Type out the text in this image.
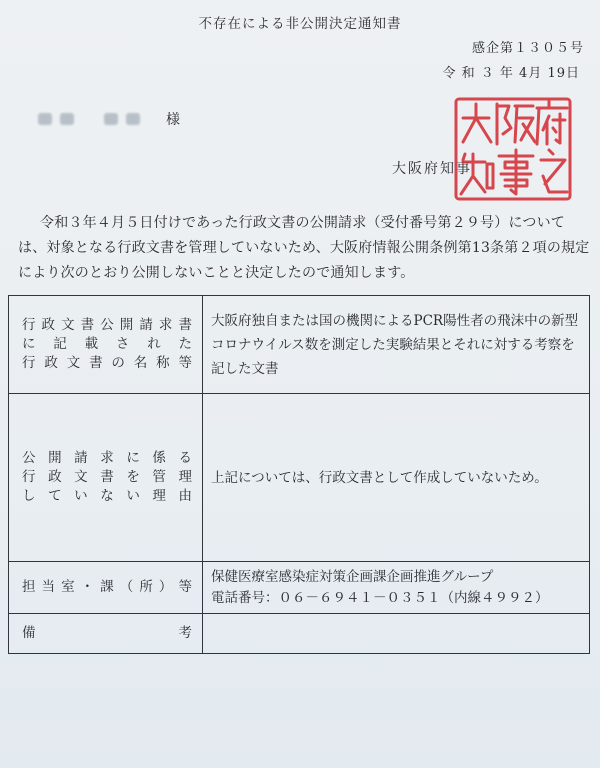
不存在による非公開決定通知書
感企第１３０５号
令 和 ３ 年 4月 19日
様
大阪府知事
令和３年４月５日付けであった行政文書の公開請求（受付番号第２９号）については、対象となる行政文書を管理していないため、大阪府情報公開条例第13条第２項の規定により次のとおり公開しないことと決定したので通知します。
行政文書公開請求書
に記載された
行政文書の名称等	大阪府独自または国の機関によるPCR陽性者の飛沫中の新型コロナウイルス数を測定した実験結果とそれに対する考察を記した文書

公開請求に係る
行政文書を管理
していない理由	上記については、行政文書として作成していないため。

担当室・課（所）等	保健医療室感染症対策企画課企画推進グループ
電話番号：０６－６９４１－０３５１（内線４９９２）

備　　　　　　　考	
